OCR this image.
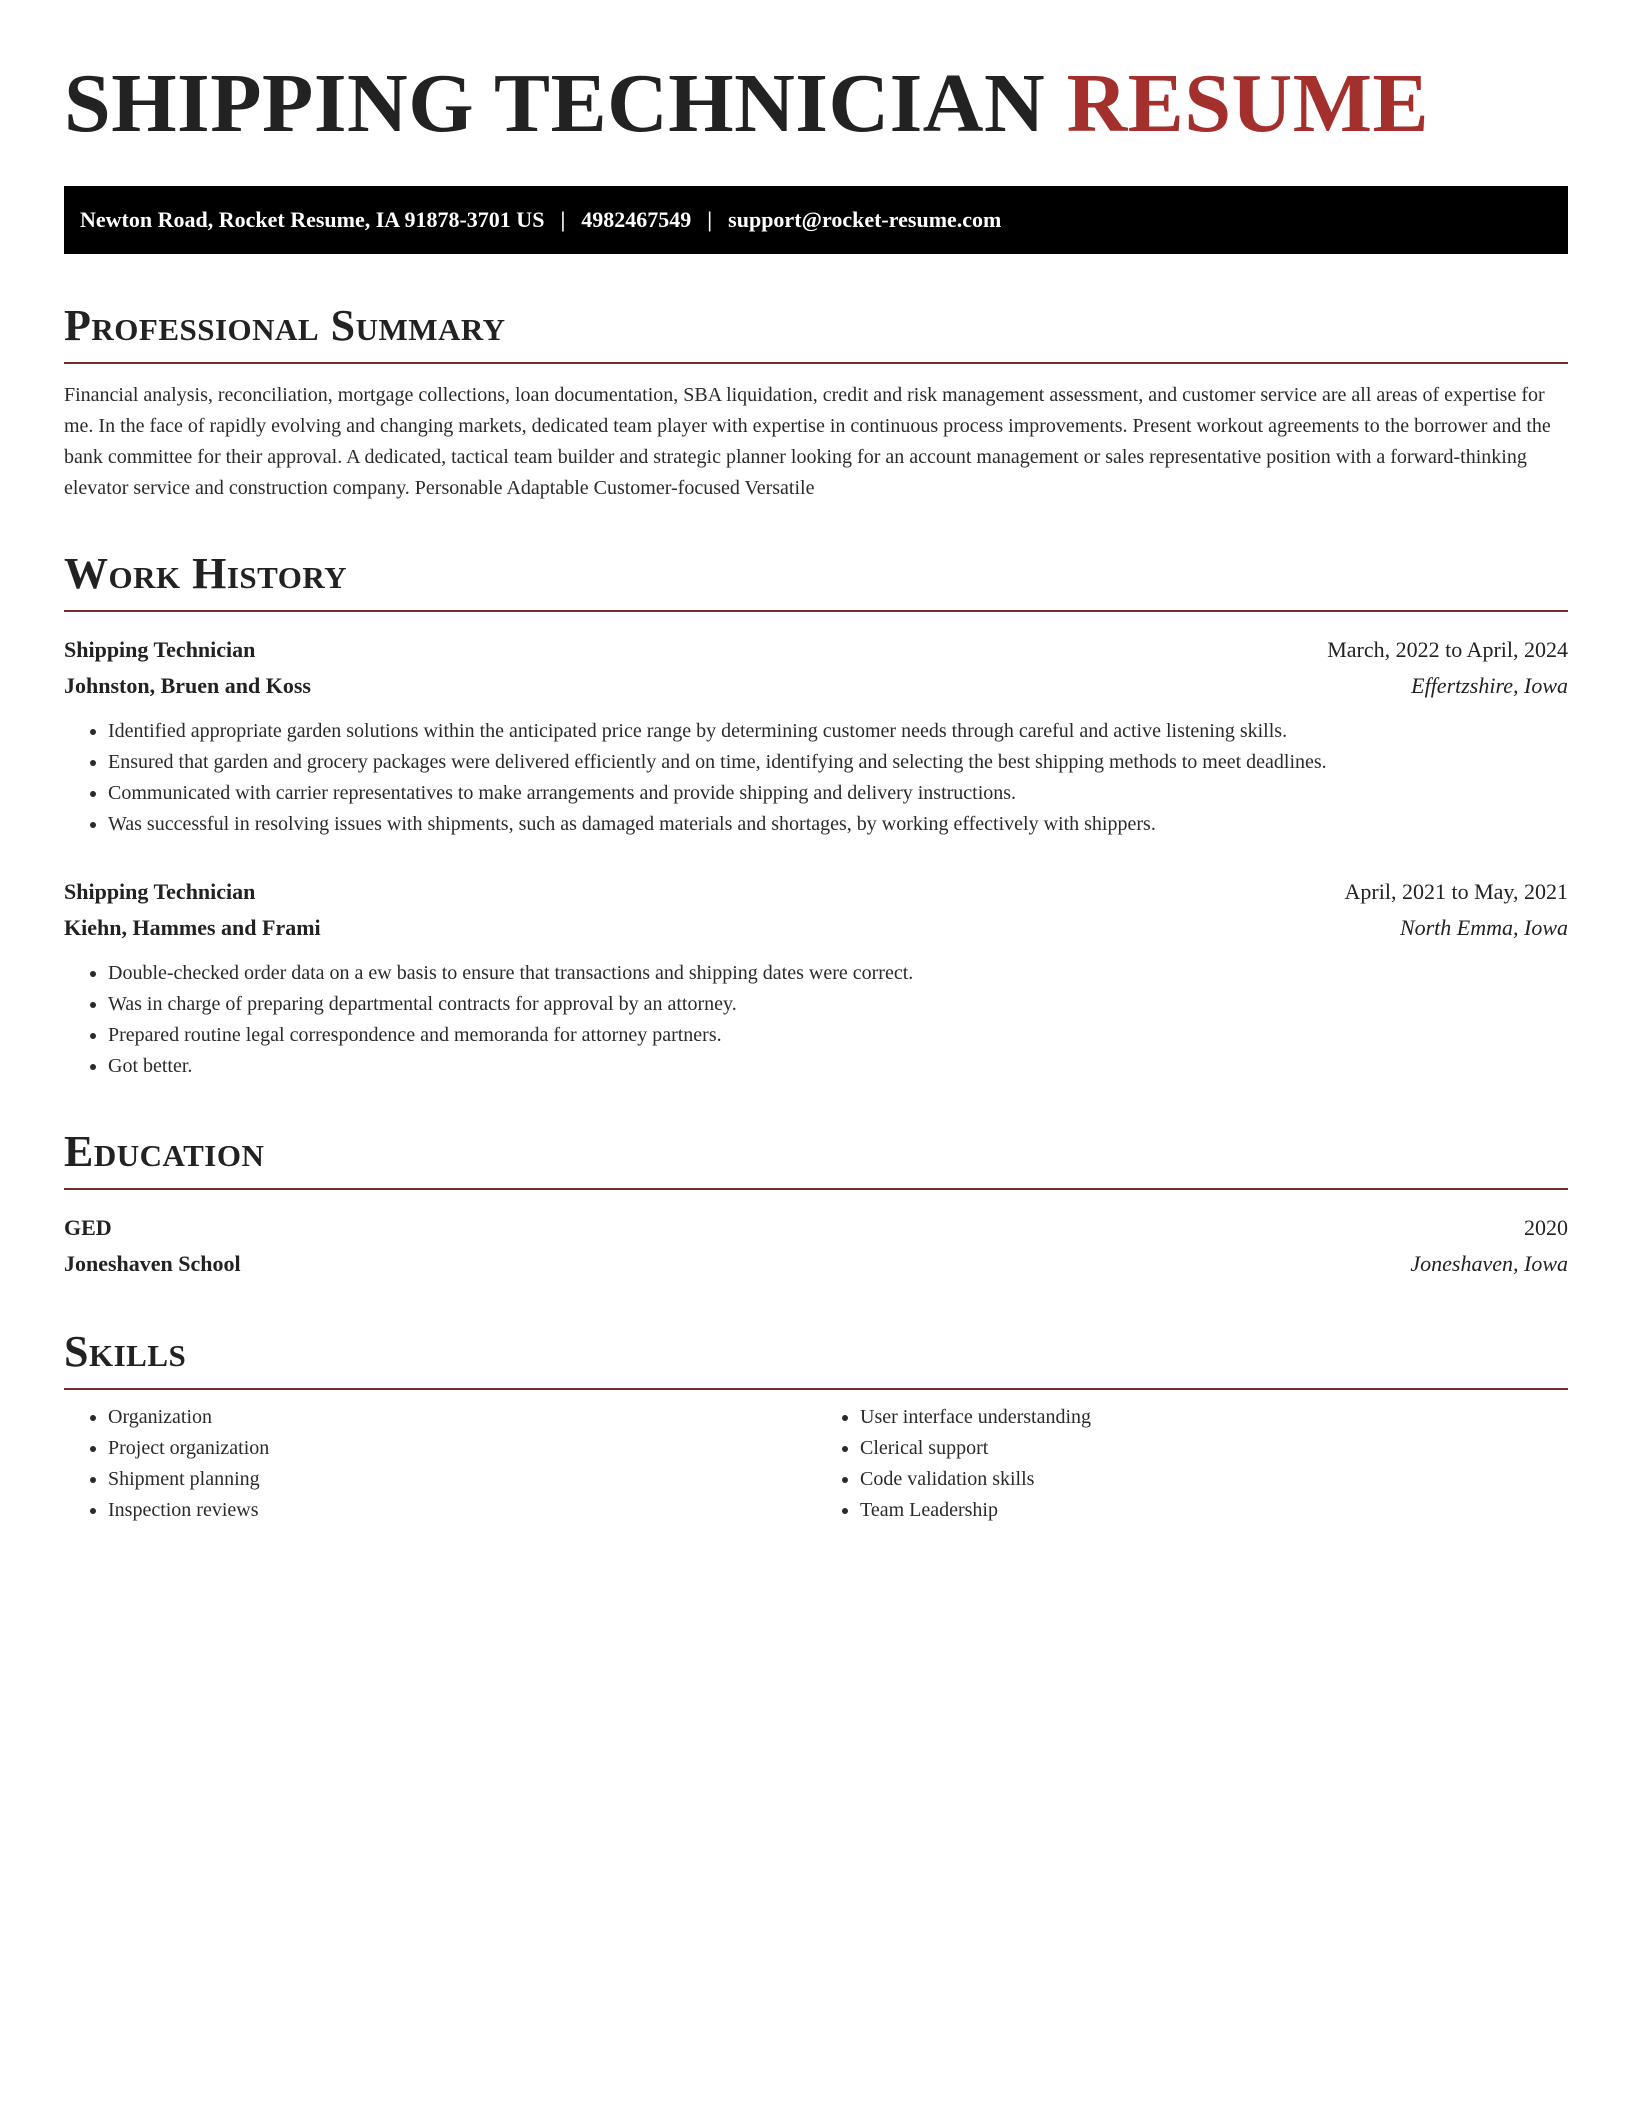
SHIPPING TECHNICIAN RESUME
Newton Road, Rocket Resume, IA 91878-3701 US | 4982467549 | support@rocket-resume.com
Professional Summary

Financial analysis, reconciliation, mortgage collections, loan documentation, SBA liquidation, credit and risk management assessment, and customer service are all areas of expertise for me. In the face of rapidly evolving and changing markets, dedicated team player with expertise in continuous process improvements. Present workout agreements to the borrower and the bank committee for their approval. A dedicated, tactical team builder and strategic planner looking for an account management or sales representative position with a forward-thinking elevator service and construction company. Personable Adaptable Customer-focused Versatile

Work History
Shipping Technician	March, 2022 to April, 2024
Johnston, Bruen and Koss	Effertzshire, Iowa
• Identified appropriate garden solutions within the anticipated price range by determining customer needs through careful and active listening skills.
• Ensured that garden and grocery packages were delivered efficiently and on time, identifying and selecting the best shipping methods to meet deadlines.
• Communicated with carrier representatives to make arrangements and provide shipping and delivery instructions.
• Was successful in resolving issues with shipments, such as damaged materials and shortages, by working effectively with shippers.
Shipping Technician	April, 2021 to May, 2021
Kiehn, Hammes and Frami	North Emma, Iowa
• Double-checked order data on a ew basis to ensure that transactions and shipping dates were correct.
• Was in charge of preparing departmental contracts for approval by an attorney.
• Prepared routine legal correspondence and memoranda for attorney partners.
• Got better.
Education
GED	2020
Joneshaven School	Joneshaven, Iowa
Skills
• Organization
• Project organization
• Shipment planning
• Inspection reviews
• User interface understanding
• Clerical support
• Code validation skills
• Team Leadership
